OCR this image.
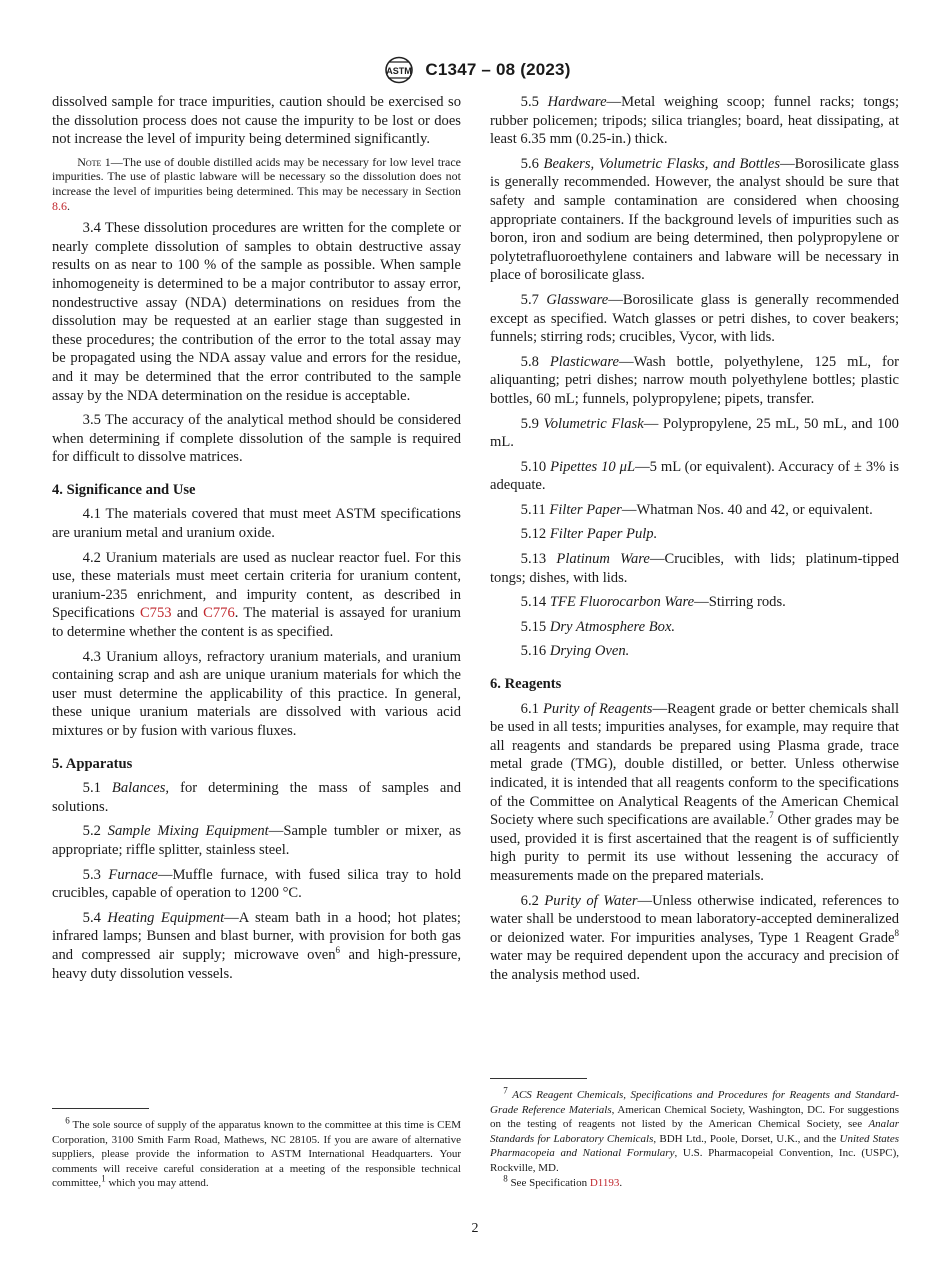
ASTM C1347 – 08 (2023)

dissolved sample for trace impurities, caution should be exercised so the dissolution process does not cause the impurity to be lost or does not increase the level of impurity being determined significantly.

Note 1—The use of double distilled acids may be necessary for low level trace impurities. The use of plastic labware will be necessary so the dissolution does not increase the level of impurities being determined. This may be necessary in Section 8.6.

3.4 These dissolution procedures are written for the complete or nearly complete dissolution of samples to obtain destructive assay results on as near to 100 % of the sample as possible. When sample inhomogeneity is determined to be a major contributor to assay error, nondestructive assay (NDA) determinations on residues from the dissolution may be requested at an earlier stage than suggested in these procedures; the contribution of the error to the total assay may be propagated using the NDA assay value and errors for the residue, and it may be determined that the error contributed to the sample assay by the NDA determination on the residue is acceptable.

3.5 The accuracy of the analytical method should be considered when determining if complete dissolution of the sample is required for difficult to dissolve matrices.

4. Significance and Use

4.1 The materials covered that must meet ASTM specifications are uranium metal and uranium oxide.

4.2 Uranium materials are used as nuclear reactor fuel. For this use, these materials must meet certain criteria for uranium content, uranium-235 enrichment, and impurity content, as described in Specifications C753 and C776. The material is assayed for uranium to determine whether the content is as specified.

4.3 Uranium alloys, refractory uranium materials, and uranium containing scrap and ash are unique uranium materials for which the user must determine the applicability of this practice. In general, these unique uranium materials are dissolved with various acid mixtures or by fusion with various fluxes.

5. Apparatus

5.1 Balances, for determining the mass of samples and solutions.

5.2 Sample Mixing Equipment—Sample tumbler or mixer, as appropriate; riffle splitter, stainless steel.

5.3 Furnace—Muffle furnace, with fused silica tray to hold crucibles, capable of operation to 1200 °C.

5.4 Heating Equipment—A steam bath in a hood; hot plates; infrared lamps; Bunsen and blast burner, with provision for both gas and compressed air supply; microwave oven$^6$ and high-pressure, heavy duty dissolution vessels.

$^6$ The sole source of supply of the apparatus known to the committee at this time is CEM Corporation, 3100 Smith Farm Road, Mathews, NC 28105. If you are aware of alternative suppliers, please provide the information to ASTM International Headquarters. Your comments will receive careful consideration at a meeting of the responsible technical committee,$^1$ which you may attend.

5.5 Hardware—Metal weighing scoop; funnel racks; tongs; rubber policemen; tripods; silica triangles; board, heat dissipating, at least 6.35 mm (0.25-in.) thick.

5.6 Beakers, Volumetric Flasks, and Bottles—Borosilicate glass is generally recommended. However, the analyst should be sure that safety and sample contamination are considered when choosing appropriate containers. If the background levels of impurities such as boron, iron and sodium are being determined, then polypropylene or polytetrafluoroethylene containers and labware will be necessary in place of borosilicate glass.

5.7 Glassware—Borosilicate glass is generally recommended except as specified. Watch glasses or petri dishes, to cover beakers; funnels; stirring rods; crucibles, Vycor, with lids.

5.8 Plasticware—Wash bottle, polyethylene, 125 mL, for aliquanting; petri dishes; narrow mouth polyethylene bottles; plastic bottles, 60 mL; funnels, polypropylene; pipets, transfer.

5.9 Volumetric Flask— Polypropylene, 25 mL, 50 mL, and 100 mL.

5.10 Pipettes 10 μL—5 mL (or equivalent). Accuracy of ± 3% is adequate.

5.11 Filter Paper—Whatman Nos. 40 and 42, or equivalent.

5.12 Filter Paper Pulp.

5.13 Platinum Ware—Crucibles, with lids; platinum-tipped tongs; dishes, with lids.

5.14 TFE Fluorocarbon Ware—Stirring rods.

5.15 Dry Atmosphere Box.

5.16 Drying Oven.

6. Reagents

6.1 Purity of Reagents—Reagent grade or better chemicals shall be used in all tests; impurities analyses, for example, may require that all reagents and standards be prepared using Plasma grade, trace metal grade (TMG), double distilled, or better. Unless otherwise indicated, it is intended that all reagents conform to the specifications of the Committee on Analytical Reagents of the American Chemical Society where such specifications are available.$^7$ Other grades may be used, provided it is first ascertained that the reagent is of sufficiently high purity to permit its use without lessening the accuracy of measurements made on the prepared materials.

6.2 Purity of Water—Unless otherwise indicated, references to water shall be understood to mean laboratory-accepted demineralized or deionized water. For impurities analyses, Type 1 Reagent Grade$^8$ water may be required dependent upon the accuracy and precision of the analysis method used.

$^7$ ACS Reagent Chemicals, Specifications and Procedures for Reagents and Standard-Grade Reference Materials, American Chemical Society, Washington, DC. For suggestions on the testing of reagents not listed by the American Chemical Society, see Analar Standards for Laboratory Chemicals, BDH Ltd., Poole, Dorset, U.K., and the United States Pharmacopeia and National Formulary, U.S. Pharmacopeial Convention, Inc. (USPC), Rockville, MD.

$^8$ See Specification D1193.

2
